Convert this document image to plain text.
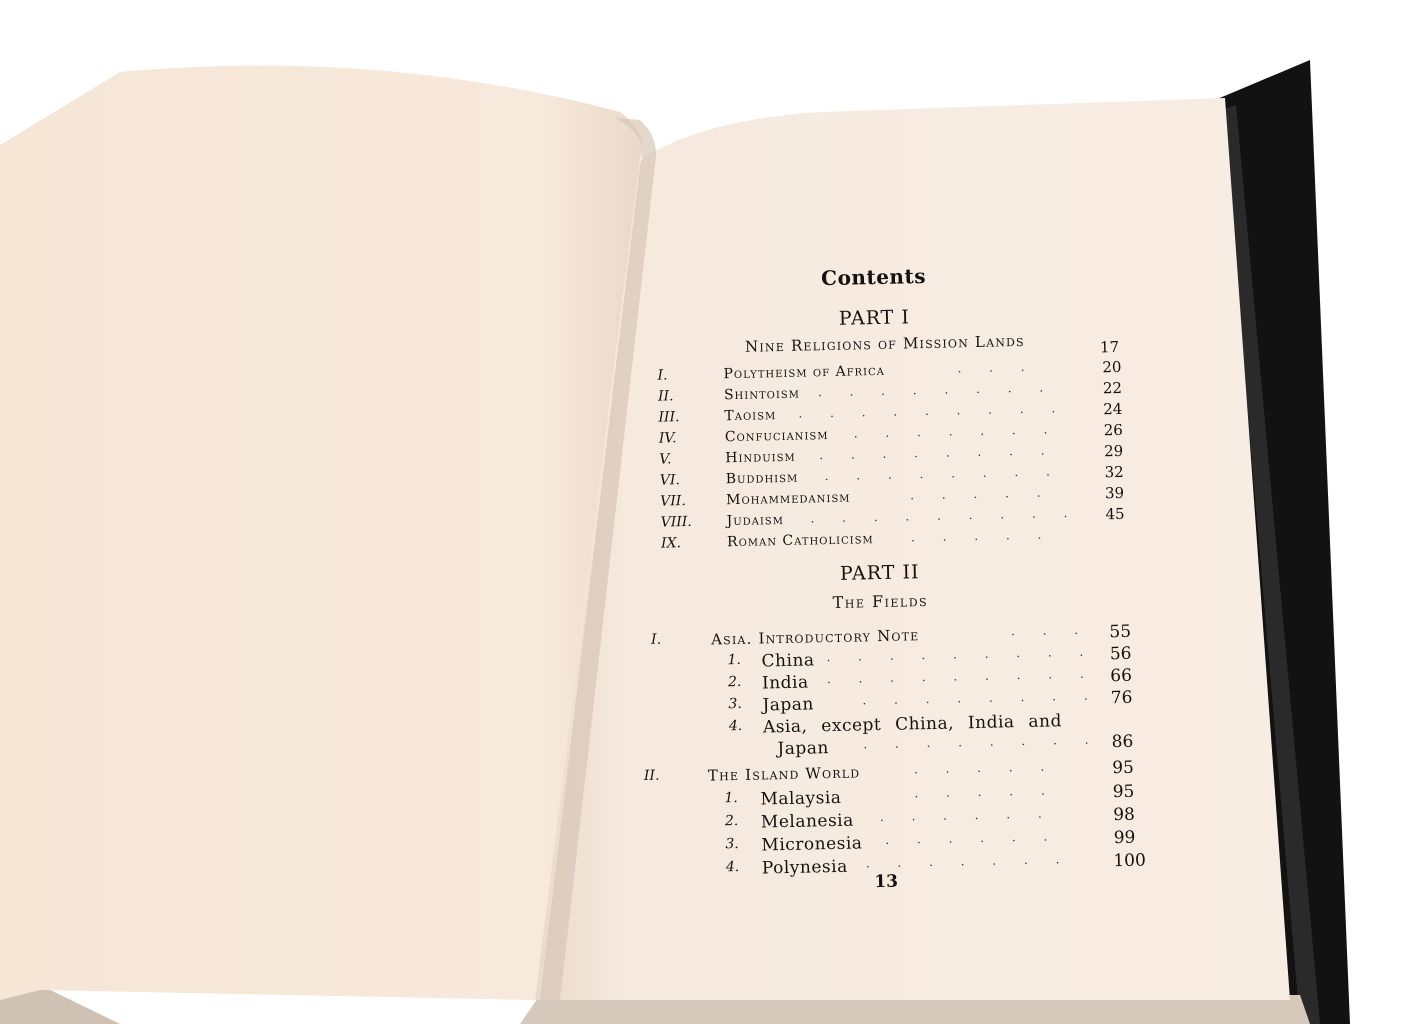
Contents
PART I
Nine Religions of Mission Lands	17
I.	Polytheism of Africa	. . .	20
II.	Shintoism . . . . . . . .	22
III.	Taoism . . . . . . . . .	24
IV.	Confucianism . . . . . . .	26
V.	Hinduism . . . . . . . .	29
VI.	Buddhism . . . . . . . .	32
VII.	Mohammedanism	. . . . .	39
VIII.	Judaism . . . . . . . . .	45
IX.	Roman Catholicism	. . . . .
PART II
The Fields
I.	Asia. Introductory Note	. . .	55
1.	China . . . . . . . . . 56
2.	India . . . . . . . . . 66
3.	Japan	. . . . . . . . 76
4.	Asia, except China, India and
Japan	. . . . . . . . 86
II.	The Island World	. . . . .	95
1.	Malaysia	. . . . .	95
2.	Melanesia . . . . . .	98
3.	Micronesia . . . . . .	99
4.	Polynesia . . . . . . .	100
13
